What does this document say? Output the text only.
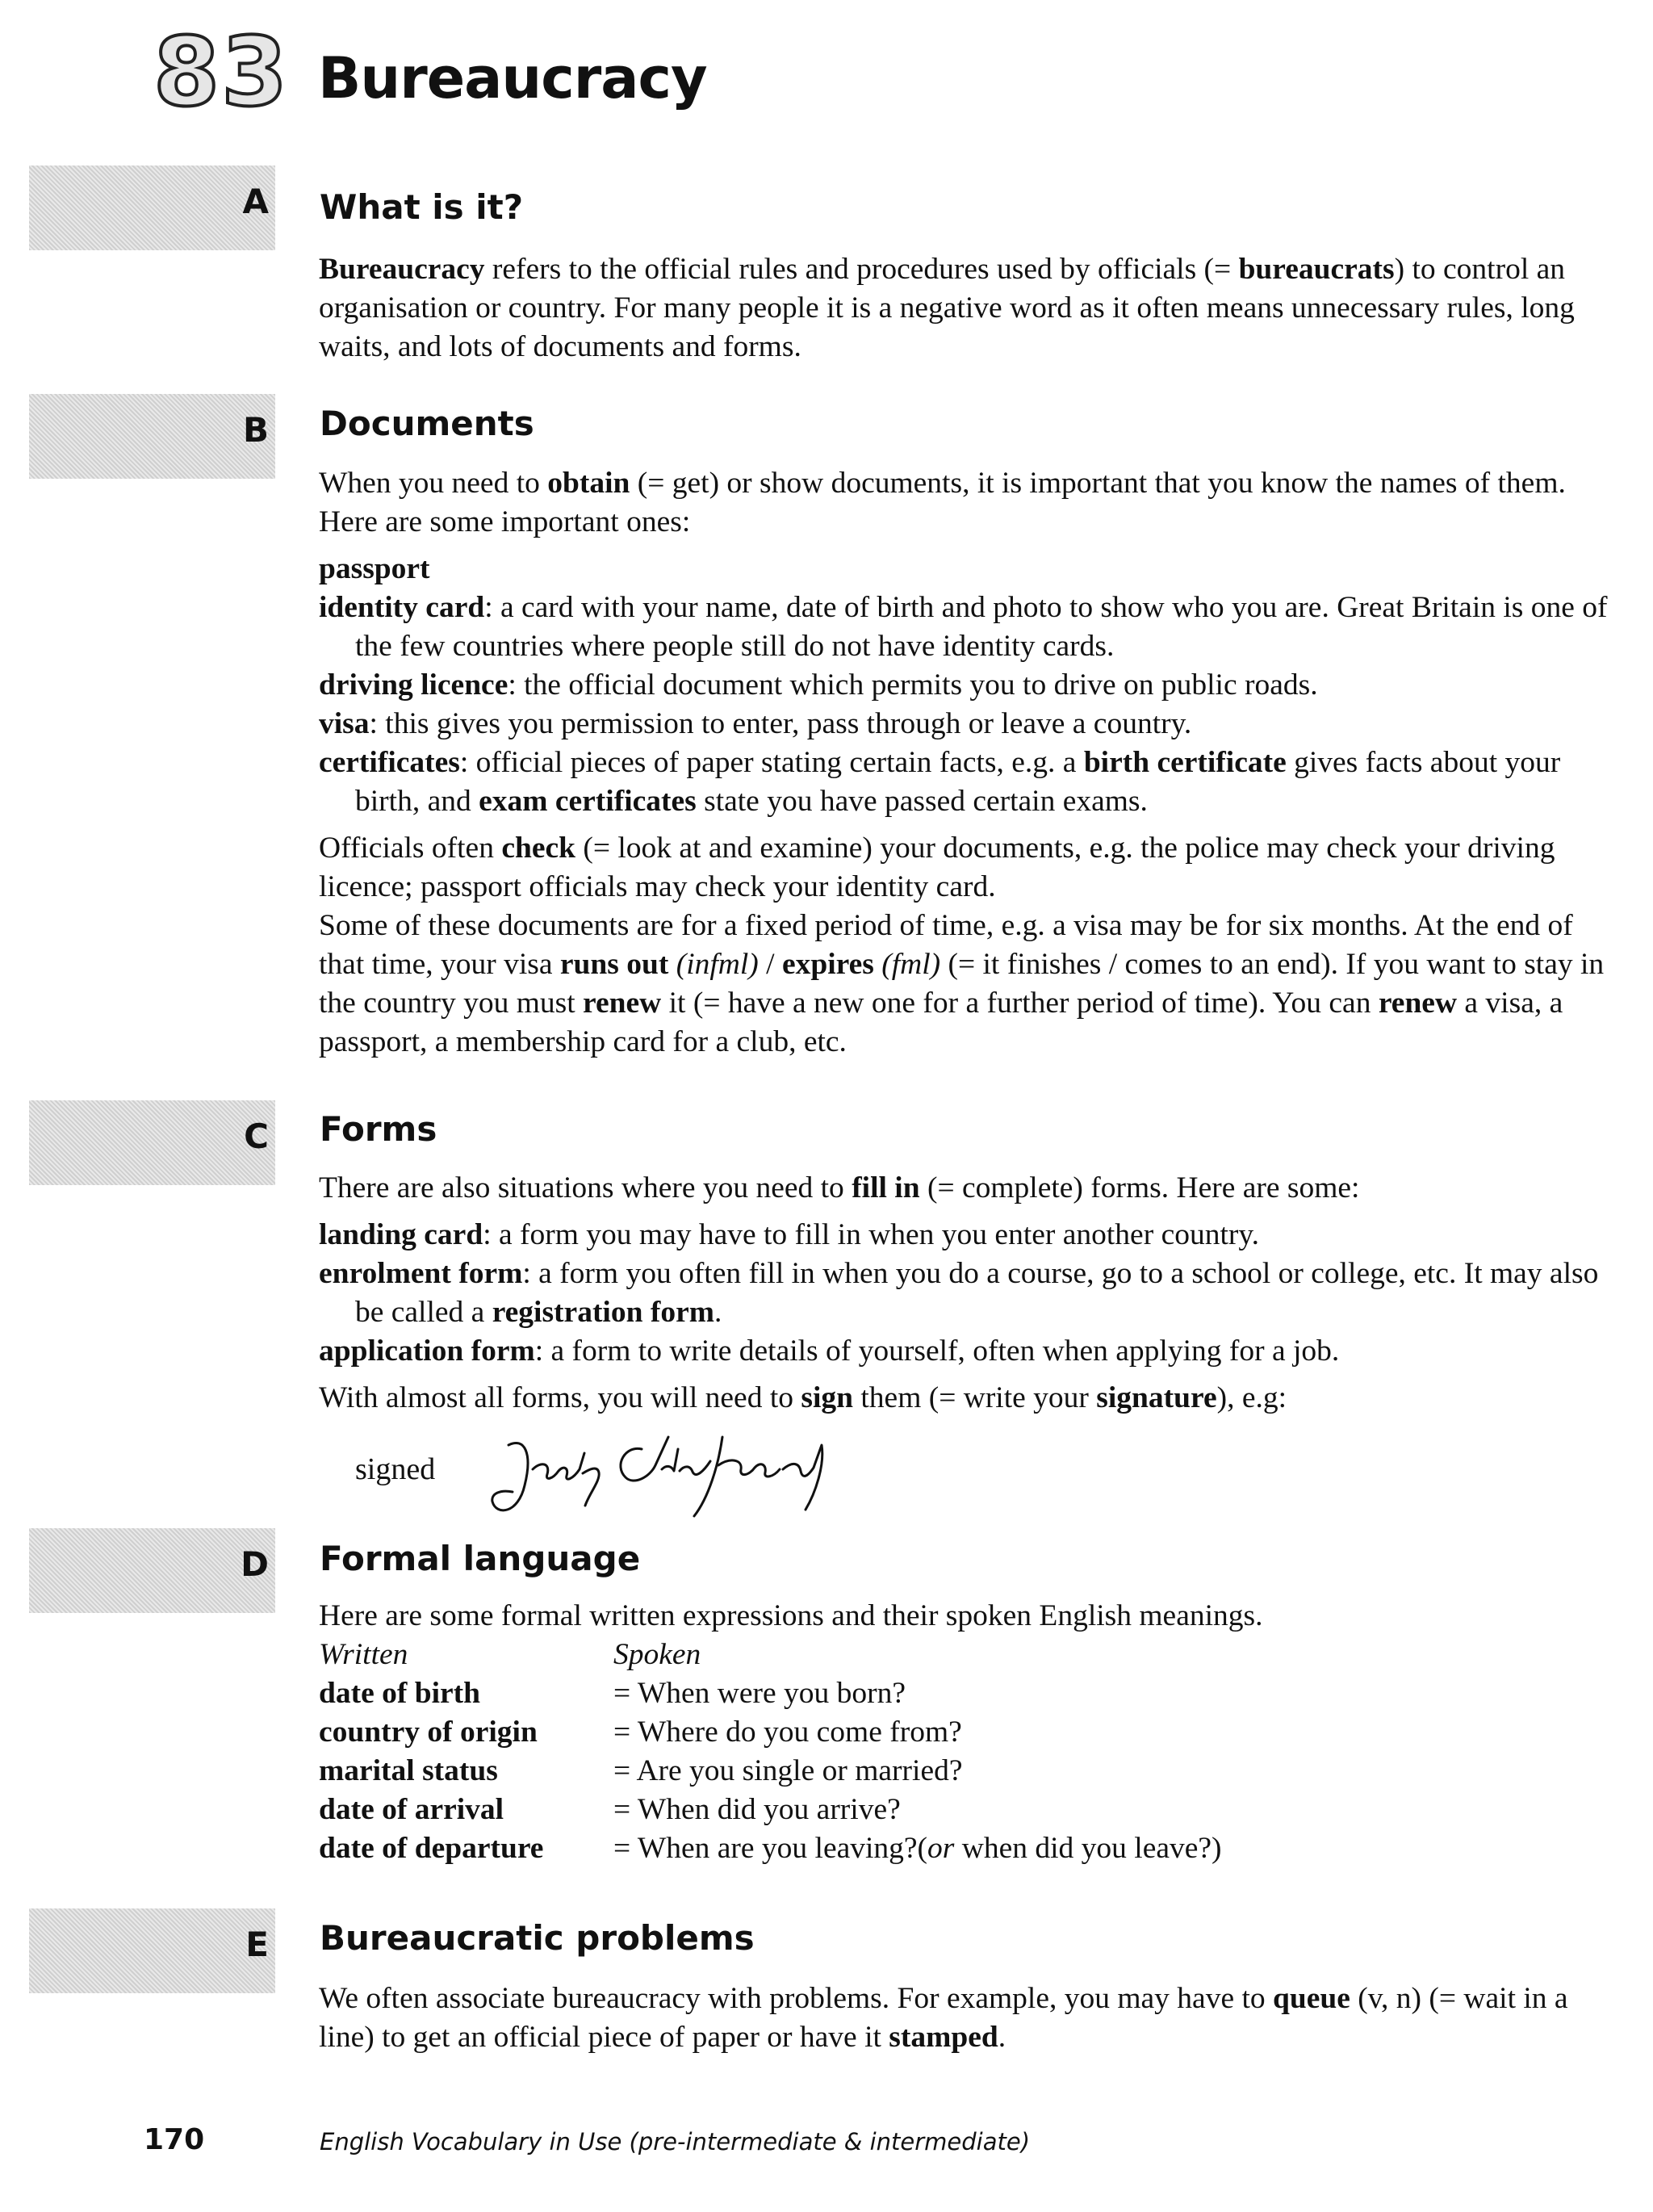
83 Bureaucracy
A What is it?

Bureaucracy refers to the official rules and procedures used by officials (= bureaucrats) to control an organisation or country. For many people it is a negative word as it often means unnecessary rules, long waits, and lots of documents and forms.

B Documents

When you need to obtain (= get) or show documents, it is important that you know the names of them. Here are some important ones:

passport

identity card: a card with your name, date of birth and photo to show who you are. Great Britain is one of the few countries where people still do not have identity cards.

driving licence: the official document which permits you to drive on public roads.

visa: this gives you permission to enter, pass through or leave a country.

certificates: official pieces of paper stating certain facts, e.g. a birth certificate gives facts about your birth, and exam certificates state you have passed certain exams.

Officials often check (= look at and examine) your documents, e.g. the police may check your driving licence; passport officials may check your identity card.

Some of these documents are for a fixed period of time, e.g. a visa may be for six months. At the end of that time, your visa runs out (infml) / expires (fml) (= it finishes / comes to an end). If you want to stay in the country you must renew it (= have a new one for a further period of time). You can renew a visa, a passport, a membership card for a club, etc.

C Forms

There are also situations where you need to fill in (= complete) forms. Here are some:

landing card: a form you may have to fill in when you enter another country.

enrolment form: a form you often fill in when you do a course, go to a school or college, etc. It may also be called a registration form.

application form: a form to write details of yourself, often when applying for a job.

With almost all forms, you will need to sign them (= write your signature), e.g:

signed
D Formal language

Here are some formal written expressions and their spoken English meanings.

Written	Spoken
date of birth	= When were you born?
country of origin	= Where do you come from?
marital status	= Are you single or married?
date of arrival	= When did you arrive?
date of departure	= When are you leaving?(or when did you leave?)
E Bureaucratic problems

We often associate bureaucracy with problems. For example, you may have to queue (v, n) (= wait in a line) to get an official piece of paper or have it stamped.

170	English Vocabulary in Use (pre-intermediate & intermediate)
